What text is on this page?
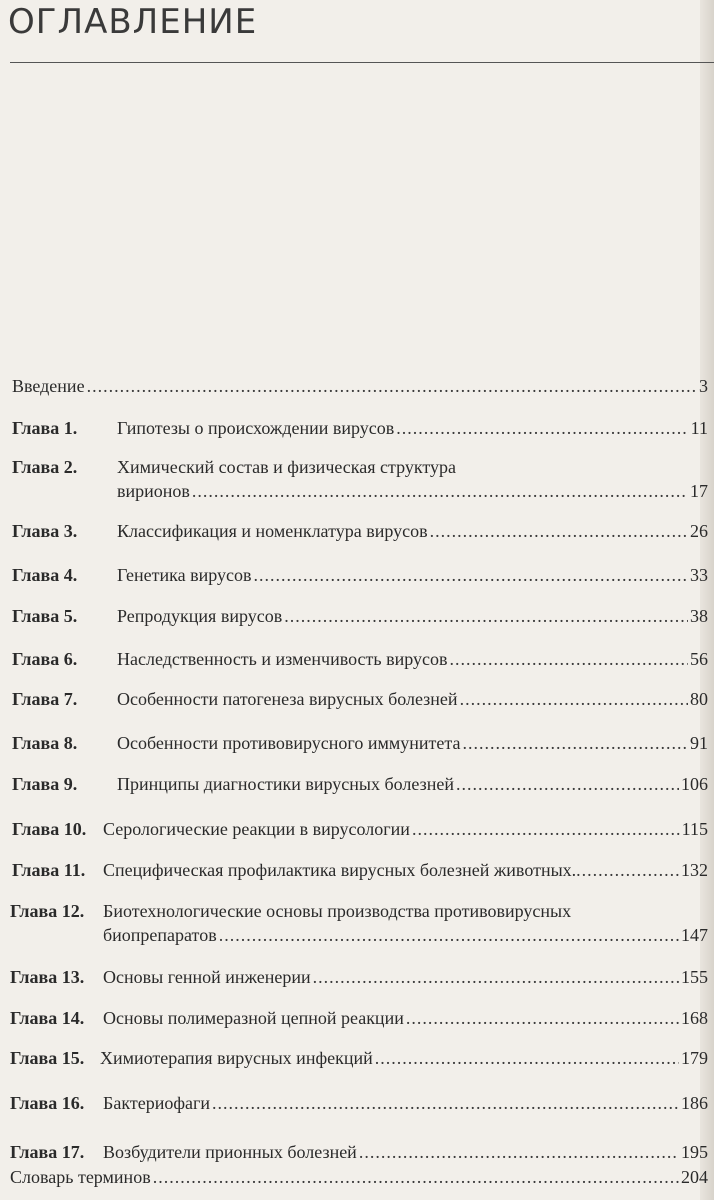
ОГЛАВЛЕНИЕ
Введение .....	3
Глава 1. Гипотезы о происхождении вирусов .....	11
Глава 2. Химический состав и физическая структура
вирионов .....	17
Глава 3. Классификация и номенклатура вирусов .....	26
Глава 4. Генетика вирусов .....	33
Глава 5. Репродукция вирусов .....	38
Глава 6. Наследственность и изменчивость вирусов .....	56
Глава 7. Особенности патогенеза вирусных болезней .....	80
Глава 8. Особенности противовирусного иммунитета .....	91
Глава 9. Принципы диагностики вирусных болезней .....	106
Глава 10. Серологические реакции в вирусологии .....	115
Глава 11. Специфическая профилактика вирусных болезней животных. .....	132
Глава 12. Биотехнологические основы производства противовирусных
биопрепаратов .....	147
Глава 13. Основы генной инженерии .....	155
Глава 14. Основы полимеразной цепной реакции .....	168
Глава 15. Химиотерапия вирусных инфекций .....	179
Глава 16. Бактериофаги .....	186
Глава 17. Возбудители прионных болезней .....	195
Словарь терминов .....	204
